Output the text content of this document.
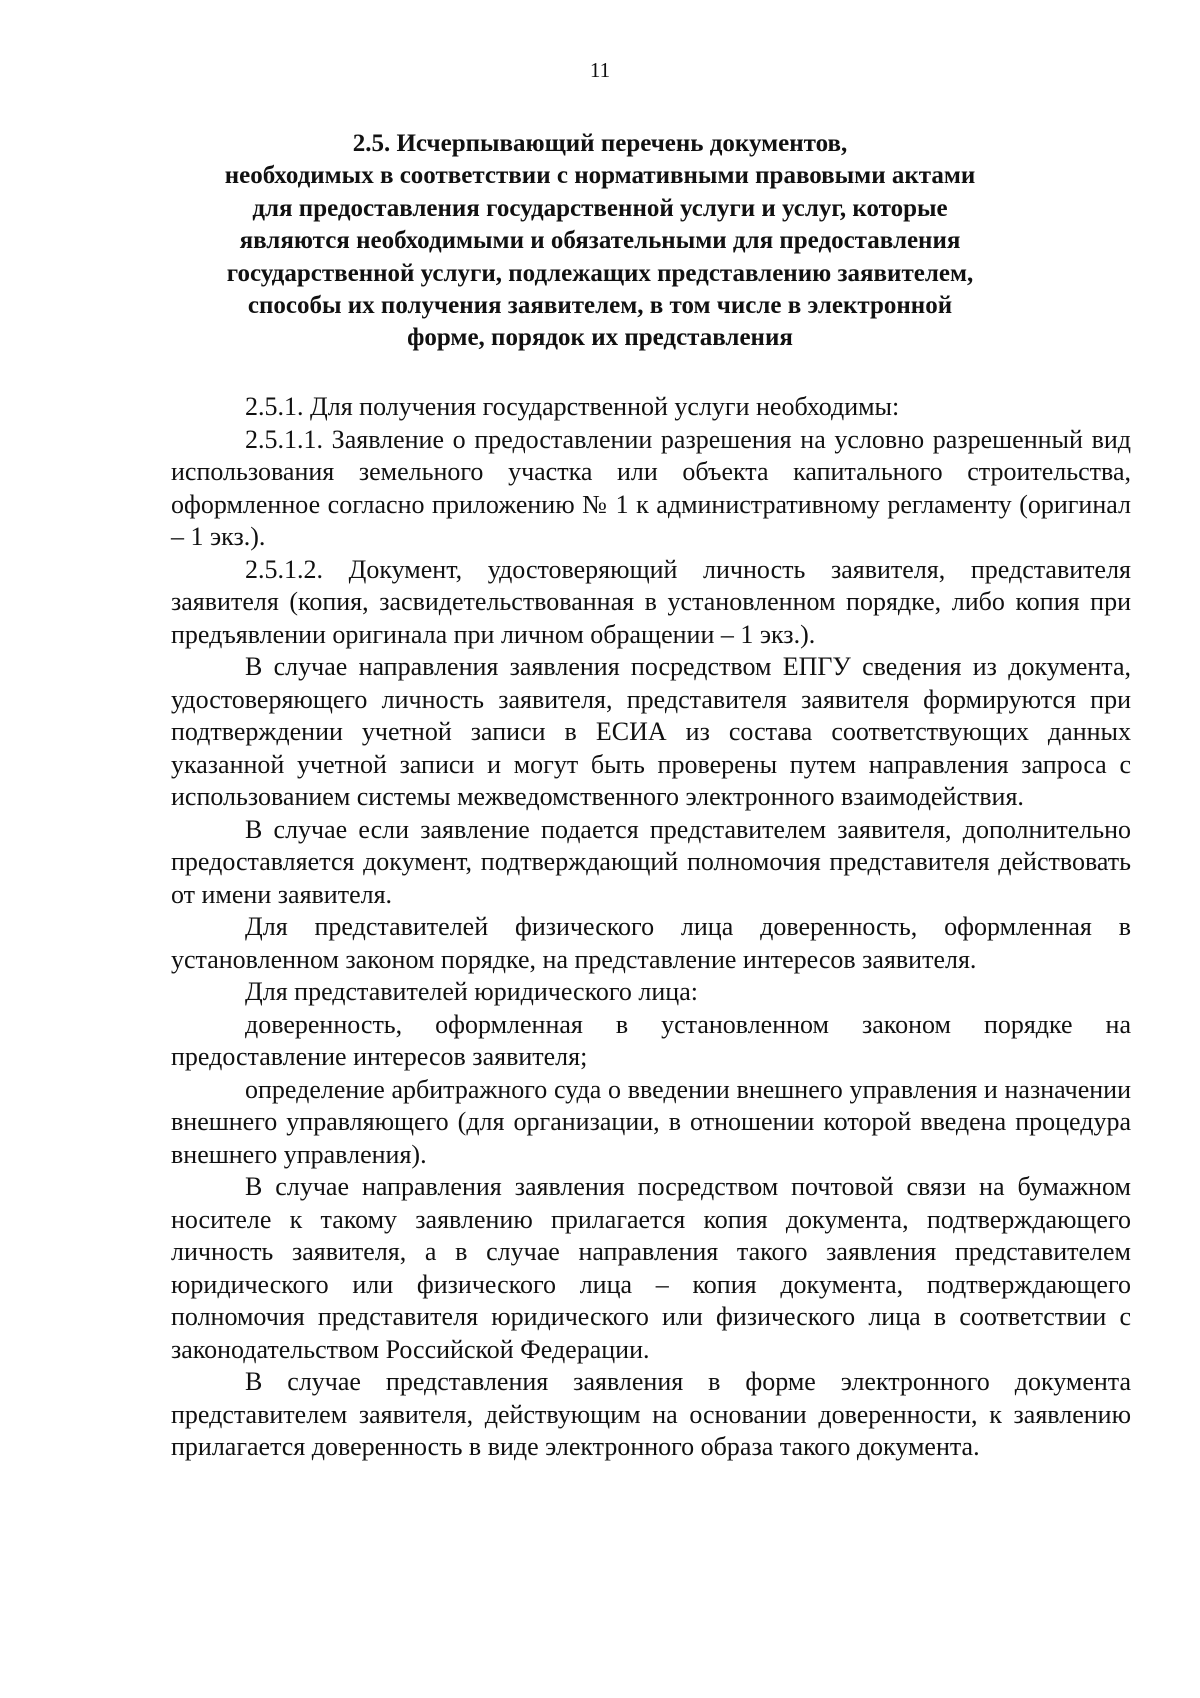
11
2.5. Исчерпывающий перечень документов,
необходимых в соответствии с нормативными правовыми актами
для предоставления государственной услуги и услуг, которые
являются необходимыми и обязательными для предоставления
государственной услуги, подлежащих представлению заявителем,
способы их получения заявителем, в том числе в электронной
форме, порядок их представления

2.5.1. Для получения государственной услуги необходимы:

2.5.1.1. Заявление о предоставлении разрешения на условно разрешенный вид использования земельного участка или объекта капитального строительства, оформленное согласно приложению № 1 к административному регламенту (оригинал – 1 экз.).

2.5.1.2. Документ, удостоверяющий личность заявителя, представителя заявителя (копия, засвидетельствованная в установленном порядке, либо копия при предъявлении оригинала при личном обращении – 1 экз.).

В случае направления заявления посредством ЕПГУ сведения из документа, удостоверяющего личность заявителя, представителя заявителя формируются при подтверждении учетной записи в ЕСИА из состава соответствующих данных указанной учетной записи и могут быть проверены путем направления запроса с использованием системы межведомственного электронного взаимодействия.

В случае если заявление подается представителем заявителя, дополнительно предоставляется документ, подтверждающий полномочия представителя действовать от имени заявителя.

Для представителей физического лица доверенность, оформленная в установленном законом порядке, на представление интересов заявителя.

Для представителей юридического лица:

доверенность, оформленная в установленном законом порядке на предоставление интересов заявителя;

определение арбитражного суда о введении внешнего управления и назначении внешнего управляющего (для организации, в отношении которой введена процедура внешнего управления).

В случае направления заявления посредством почтовой связи на бумажном носителе к такому заявлению прилагается копия документа, подтверждающего личность заявителя, а в случае направления такого заявления представителем юридического или физического лица – копия документа, подтверждающего полномочия представителя юридического или физического лица в соответствии с законодательством Российской Федерации.

В случае представления заявления в форме электронного документа представителем заявителя, действующим на основании доверенности, к заявлению прилагается доверенность в виде электронного образа такого документа.
